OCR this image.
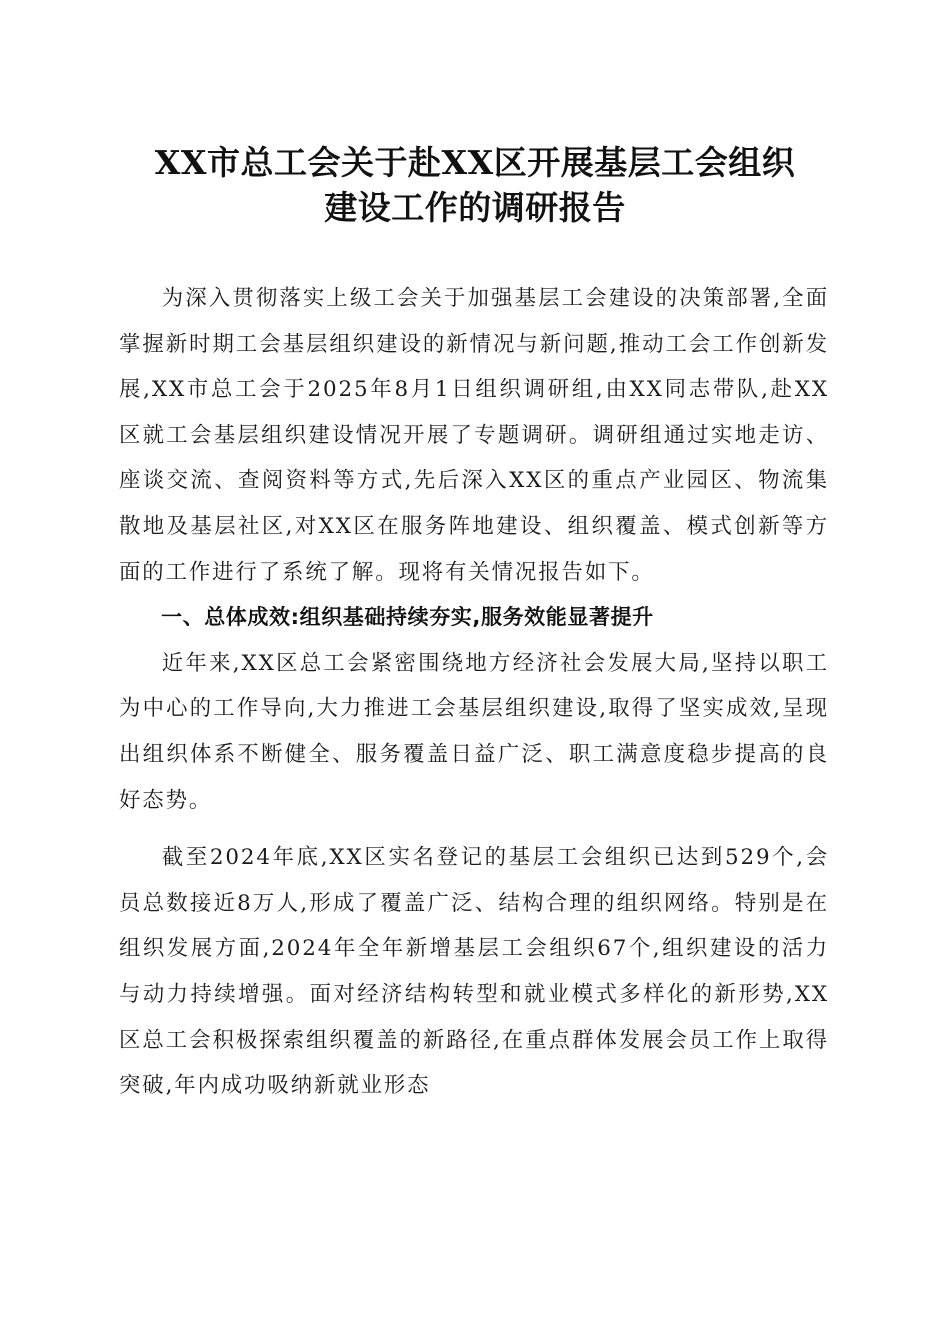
XX市总工会关于赴XX区开展基层工会组织
建设工作的调研报告

为深入贯彻落实上级工会关于加强基层工会建设的决策部署,全面掌握新时期工会基层组织建设的新情况与新问题,推动工会工作创新发展,XX市总工会于2025年8月1日组织调研组,由XX同志带队,赴XX区就工会基层组织建设情况开展了专题调研。调研组通过实地走访、座谈交流、查阅资料等方式,先后深入XX区的重点产业园区、物流集散地及基层社区,对XX区在服务阵地建设、组织覆盖、模式创新等方面的工作进行了系统了解。现将有关情况报告如下。

一、总体成效:组织基础持续夯实,服务效能显著提升

近年来,XX区总工会紧密围绕地方经济社会发展大局,坚持以职工为中心的工作导向,大力推进工会基层组织建设,取得了坚实成效,呈现出组织体系不断健全、服务覆盖日益广泛、职工满意度稳步提高的良好态势。

截至2024年底,XX区实名登记的基层工会组织已达到529个,会员总数接近8万人,形成了覆盖广泛、结构合理的组织网络。特别是在组织发展方面,2024年全年新增基层工会组织67个,组织建设的活力与动力持续增强。面对经济结构转型和就业模式多样化的新形势,XX区总工会积极探索组织覆盖的新路径,在重点群体发展会员工作上取得突破,年内成功吸纳新就业形态
